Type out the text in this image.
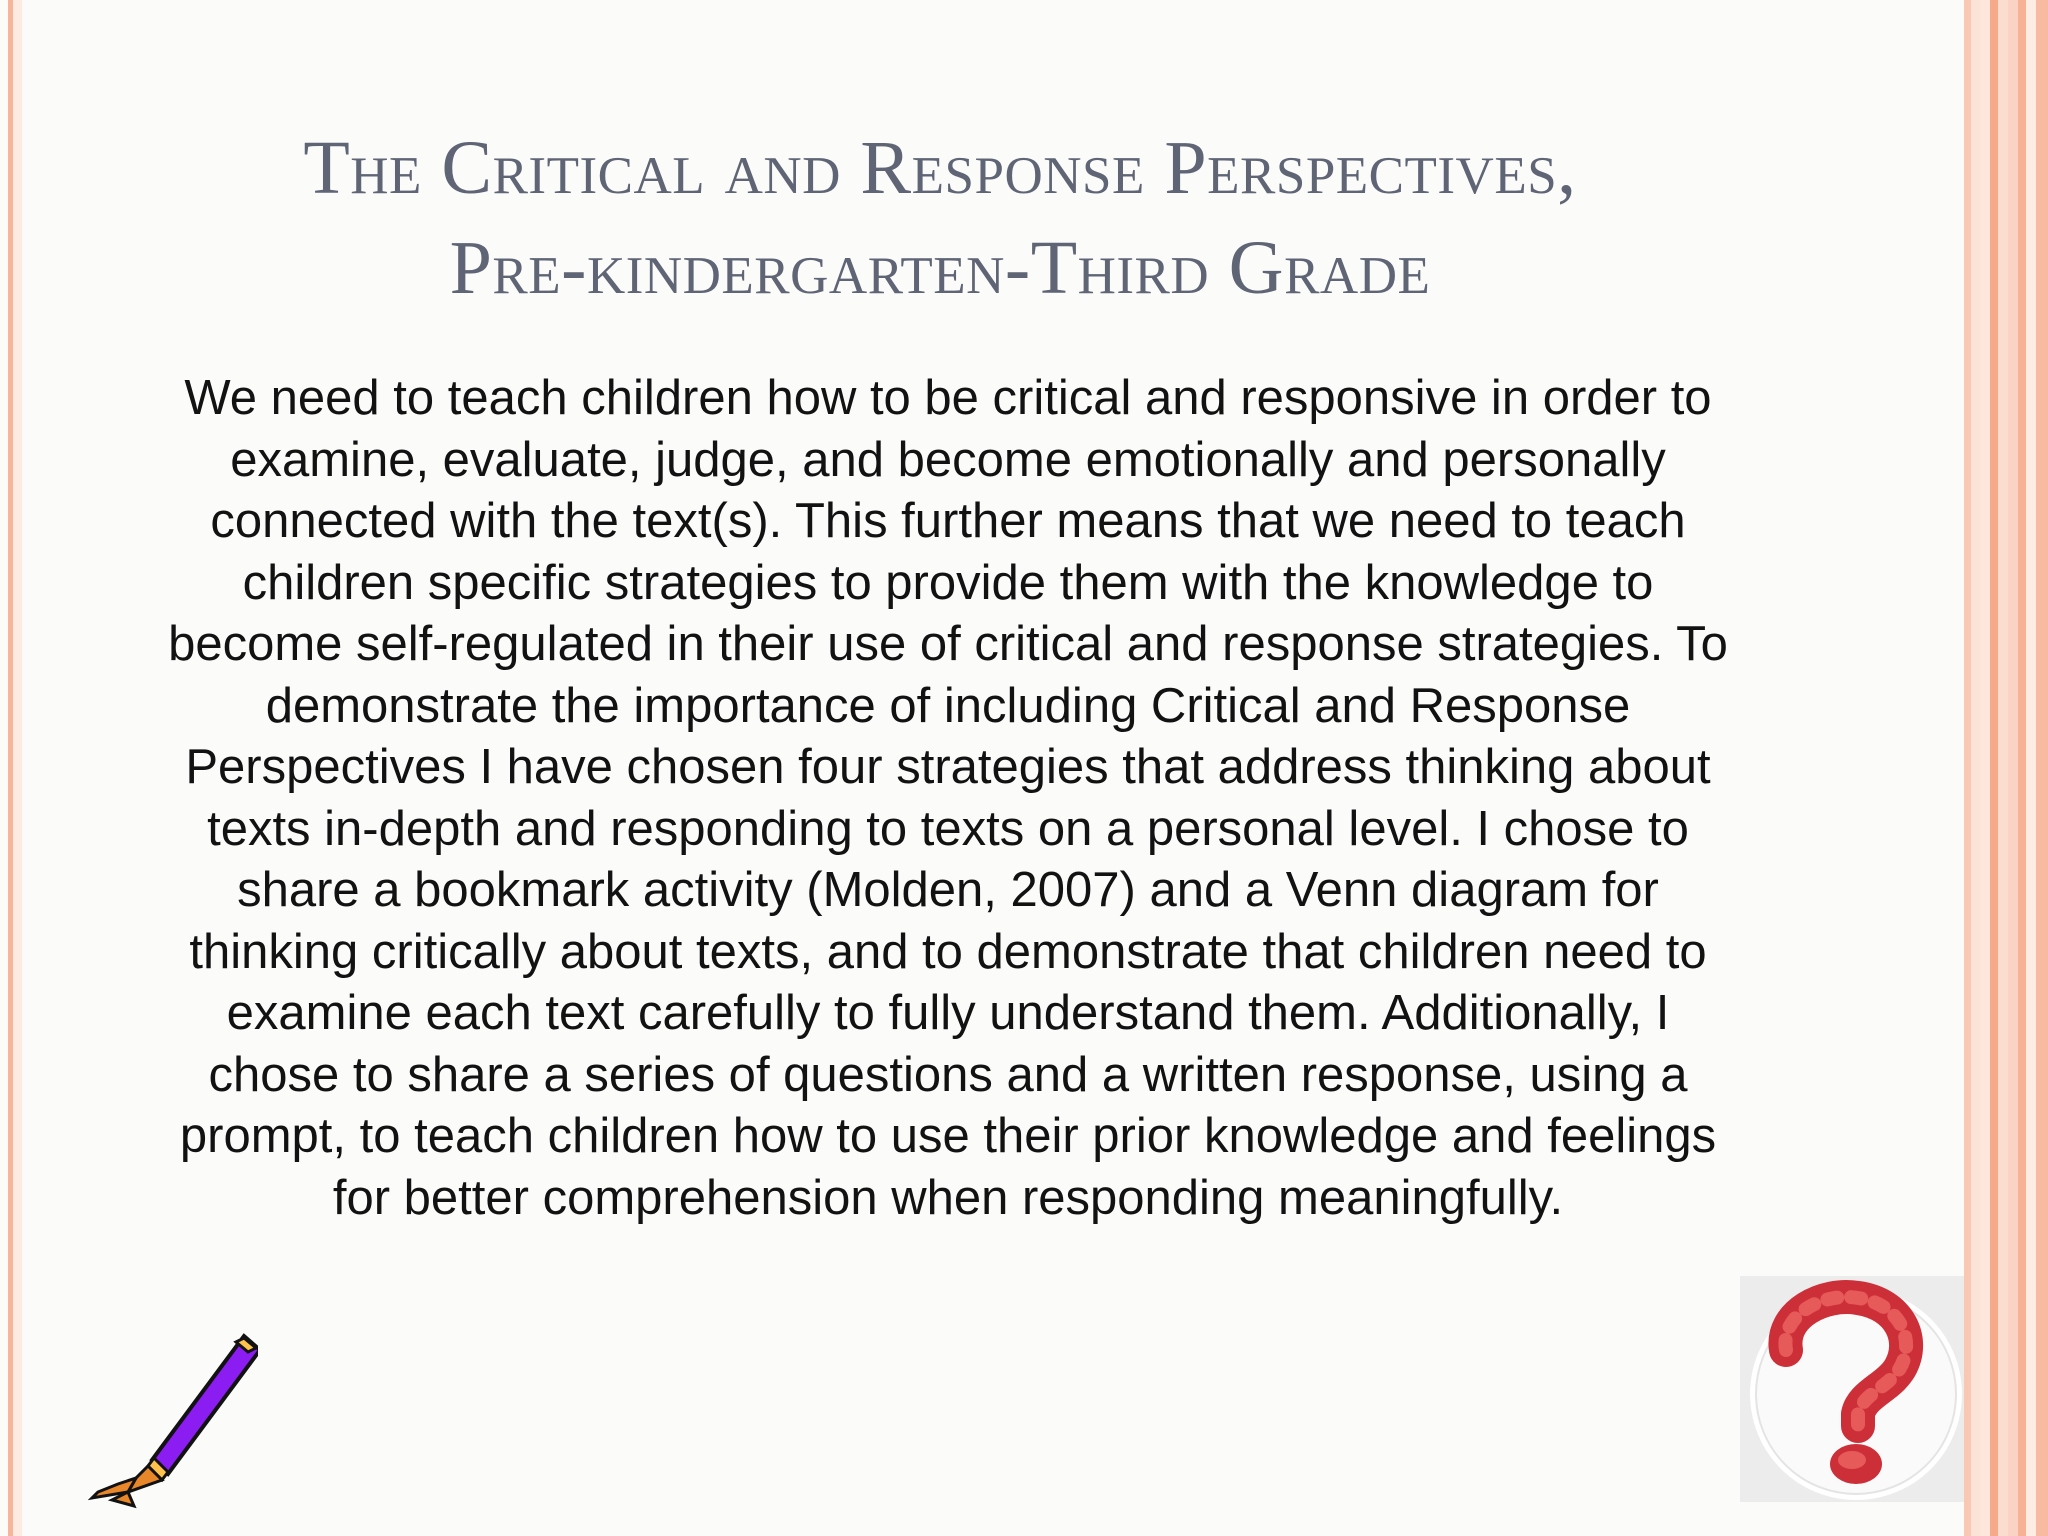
The Critical and Response Perspectives,
Pre-kindergarten-Third Grade

We need to teach children how to be critical and responsive in order to examine, evaluate, judge, and become emotionally and personally connected with the text(s). This further means that we need to teach children specific strategies to provide them with the knowledge to become self-regulated in their use of critical and response strategies. To demonstrate the importance of including Critical and Response Perspectives I have chosen four strategies that address thinking about texts in-depth and responding to texts on a personal level. I chose to share a bookmark activity (Molden, 2007) and a Venn diagram for thinking critically about texts, and to demonstrate that children need to examine each text carefully to fully understand them. Additionally, I chose to share a series of questions and a written response, using a prompt, to teach children how to use their prior knowledge and feelings for better comprehension when responding meaningfully.
